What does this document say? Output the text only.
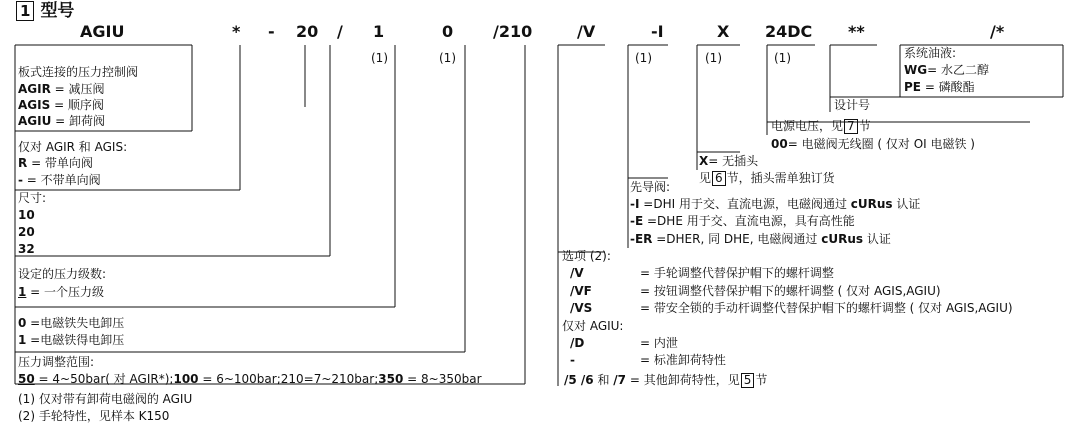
1 型号
AGIU	* - 20 / 1	0 /210	/V	-I	X 24DC **	/*
(1)	(1)	(1)	(1)	(1)
板式连接的压力控制阀
AGIR = 减压阀
AGIS = 顺序阀
AGIU = 卸荷阀
仅对 AGIR 和 AGIS:
R = 带单向阀
- = 不带单向阀
尺寸:
10
20
32
设定的压力级数:
1 = 一个压力级
0 =电磁铁失电卸压
1 =电磁铁得电卸压
压力调整范围:
50 = 4~50bar( 对 AGIR*);100 = 6~100bar;210=7~210bar;350 = 8~350bar
(1) 仅对带有卸荷电磁阀的 AGIU
(2) 手轮特性，见样本 K150
系统油液:
WG= 水乙二醇
PE = 磷酸酯
设计号
电源电压，见 7 节
00= 电磁阀无线圈 ( 仅对 OI 电磁铁 )
X= 无插头
见 6 节，插头需单独订货
先导阀:
-I =DHI 用于交、直流电源，电磁阀通过 cURus 认证
-E =DHE 用于交、直流电源，具有高性能
-ER =DHER, 同 DHE, 电磁阀通过 cURus 认证
选项 (2):
/V	= 手轮调整代替保护帽下的螺杆调整
/VF	= 按钮调整代替保护帽下的螺杆调整 ( 仅对 AGIS,AGIU)
/VS	= 带安全锁的手动杆调整代替保护帽下的螺杆调整 ( 仅对 AGIS,AGIU)
仅对 AGIU:
/D	= 内泄
-	= 标准卸荷特性
/5 /6 和 /7 = 其他卸荷特性，见 5 节
